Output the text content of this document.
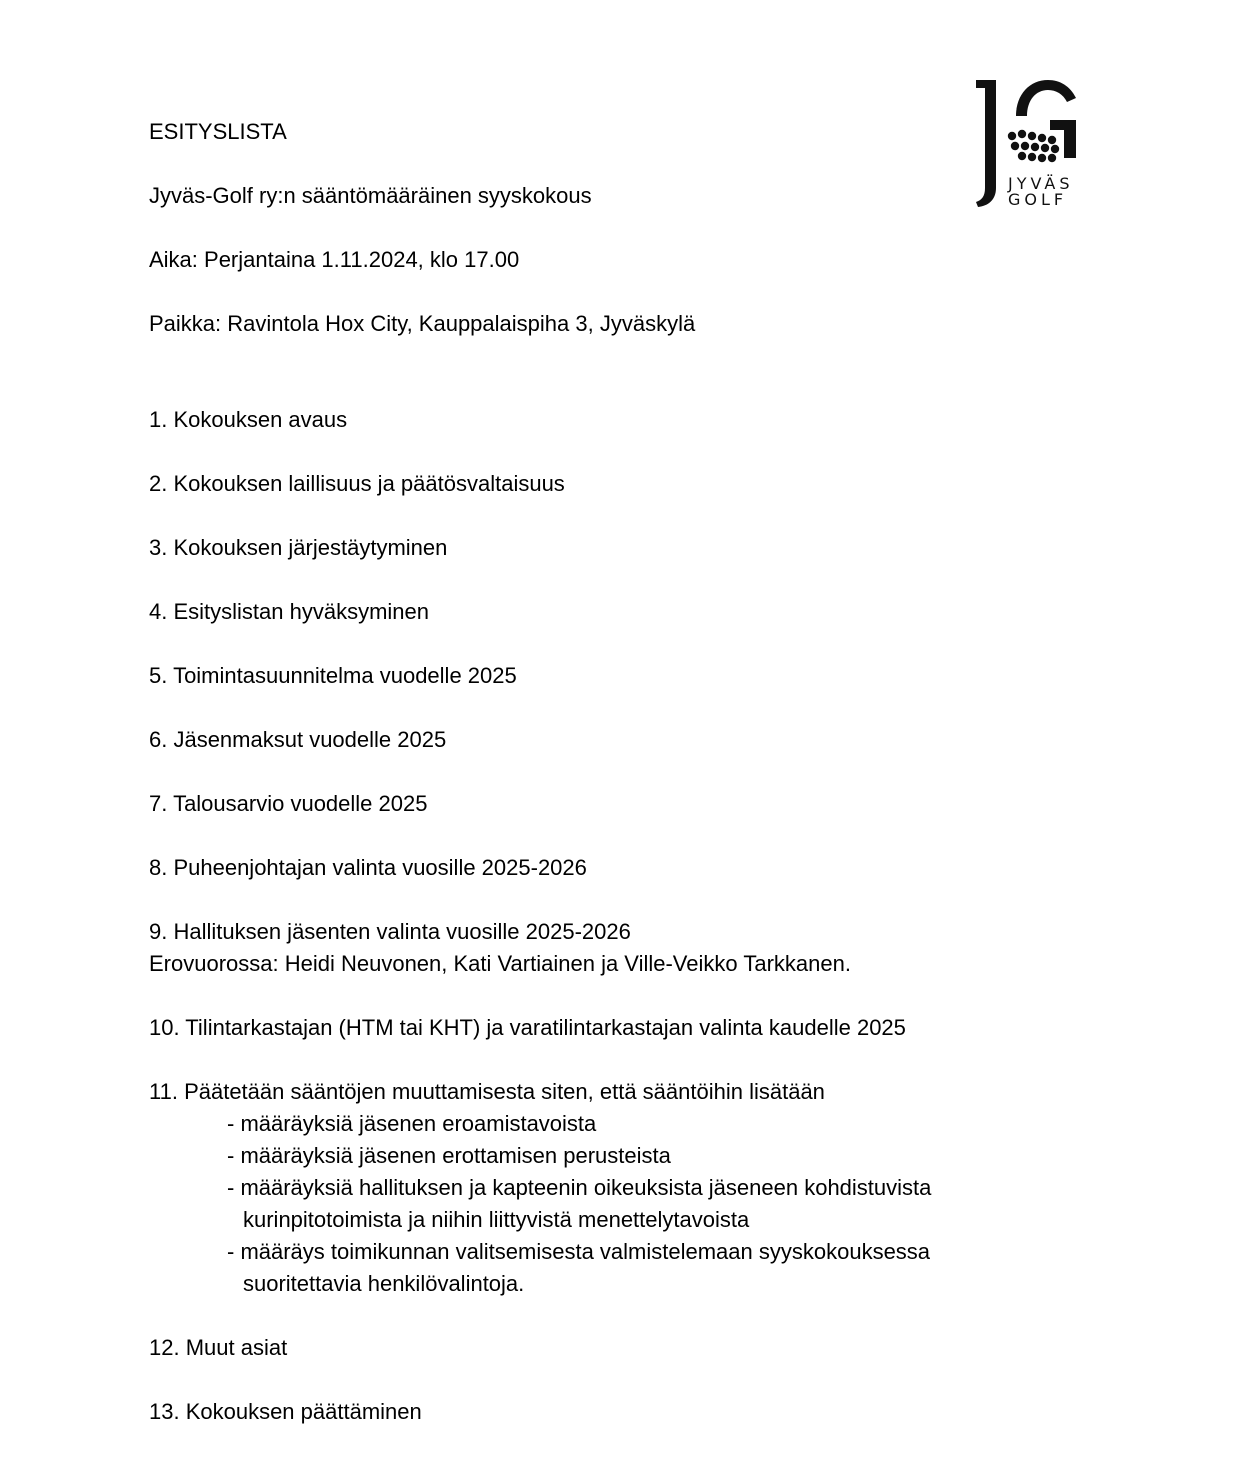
JYVÄS
GOLF
ESITYSLISTA
Jyväs-Golf ry:n sääntömääräinen syyskokous
Aika: Perjantaina 1.11.2024, klo 17.00
Paikka: Ravintola Hox City, Kauppalaispiha 3, Jyväskylä
1. Kokouksen avaus
2. Kokouksen laillisuus ja päätösvaltaisuus
3. Kokouksen järjestäytyminen
4. Esityslistan hyväksyminen
5. Toimintasuunnitelma vuodelle 2025
6. Jäsenmaksut vuodelle 2025
7. Talousarvio vuodelle 2025
8. Puheenjohtajan valinta vuosille 2025-2026
9. Hallituksen jäsenten valinta vuosille 2025-2026
Erovuorossa: Heidi Neuvonen, Kati Vartiainen ja Ville-Veikko Tarkkanen.
10. Tilintarkastajan (HTM tai KHT) ja varatilintarkastajan valinta kaudelle 2025
11. Päätetään sääntöjen muuttamisesta siten, että sääntöihin lisätään
- määräyksiä jäsenen eroamistavoista
- määräyksiä jäsenen erottamisen perusteista
- määräyksiä hallituksen ja kapteenin oikeuksista jäseneen kohdistuvista
kurinpitotoimista ja niihin liittyvistä menettelytavoista
- määräys toimikunnan valitsemisesta valmistelemaan syyskokouksessa
suoritettavia henkilövalintoja.
12. Muut asiat
13. Kokouksen päättäminen
